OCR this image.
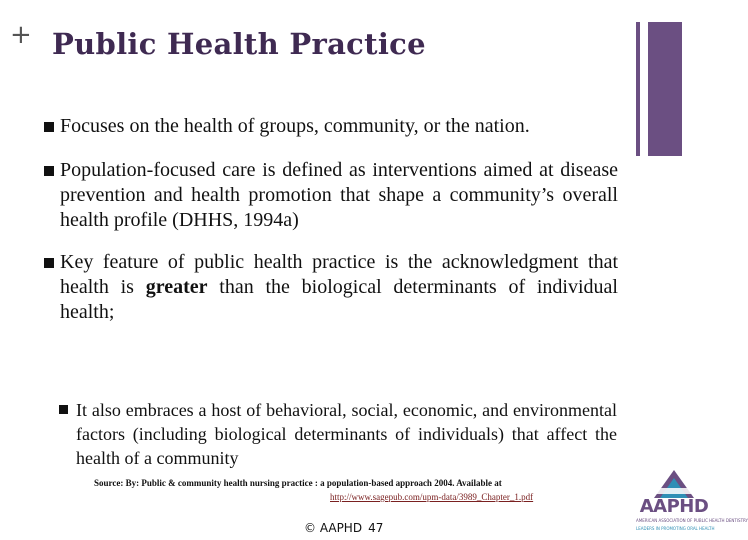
+ Public Health Practice
Focuses on the health of groups, community, or the nation.
Population-focused care is defined as interventions aimed at disease prevention and health promotion that shape a community’s overall health profile (DHHS, 1994a)
Key feature of public health practice is the acknowledgment that health is greater than the biological determinants of individual health;
It also embraces a host of behavioral, social, economic, and environmental factors (including biological determinants of individuals) that affect the health of a community

Source: By: Public & community health nursing practice : a population-based approach 2004. Available at

http://www.sagepub.com/upm-data/3989_Chapter_1.pdf
© AAPHD 47
AAPHD
AMERICAN ASSOCIATION OF PUBLIC HEALTH DENTISTRY
LEADERS IN PROMOTING ORAL HEALTH
